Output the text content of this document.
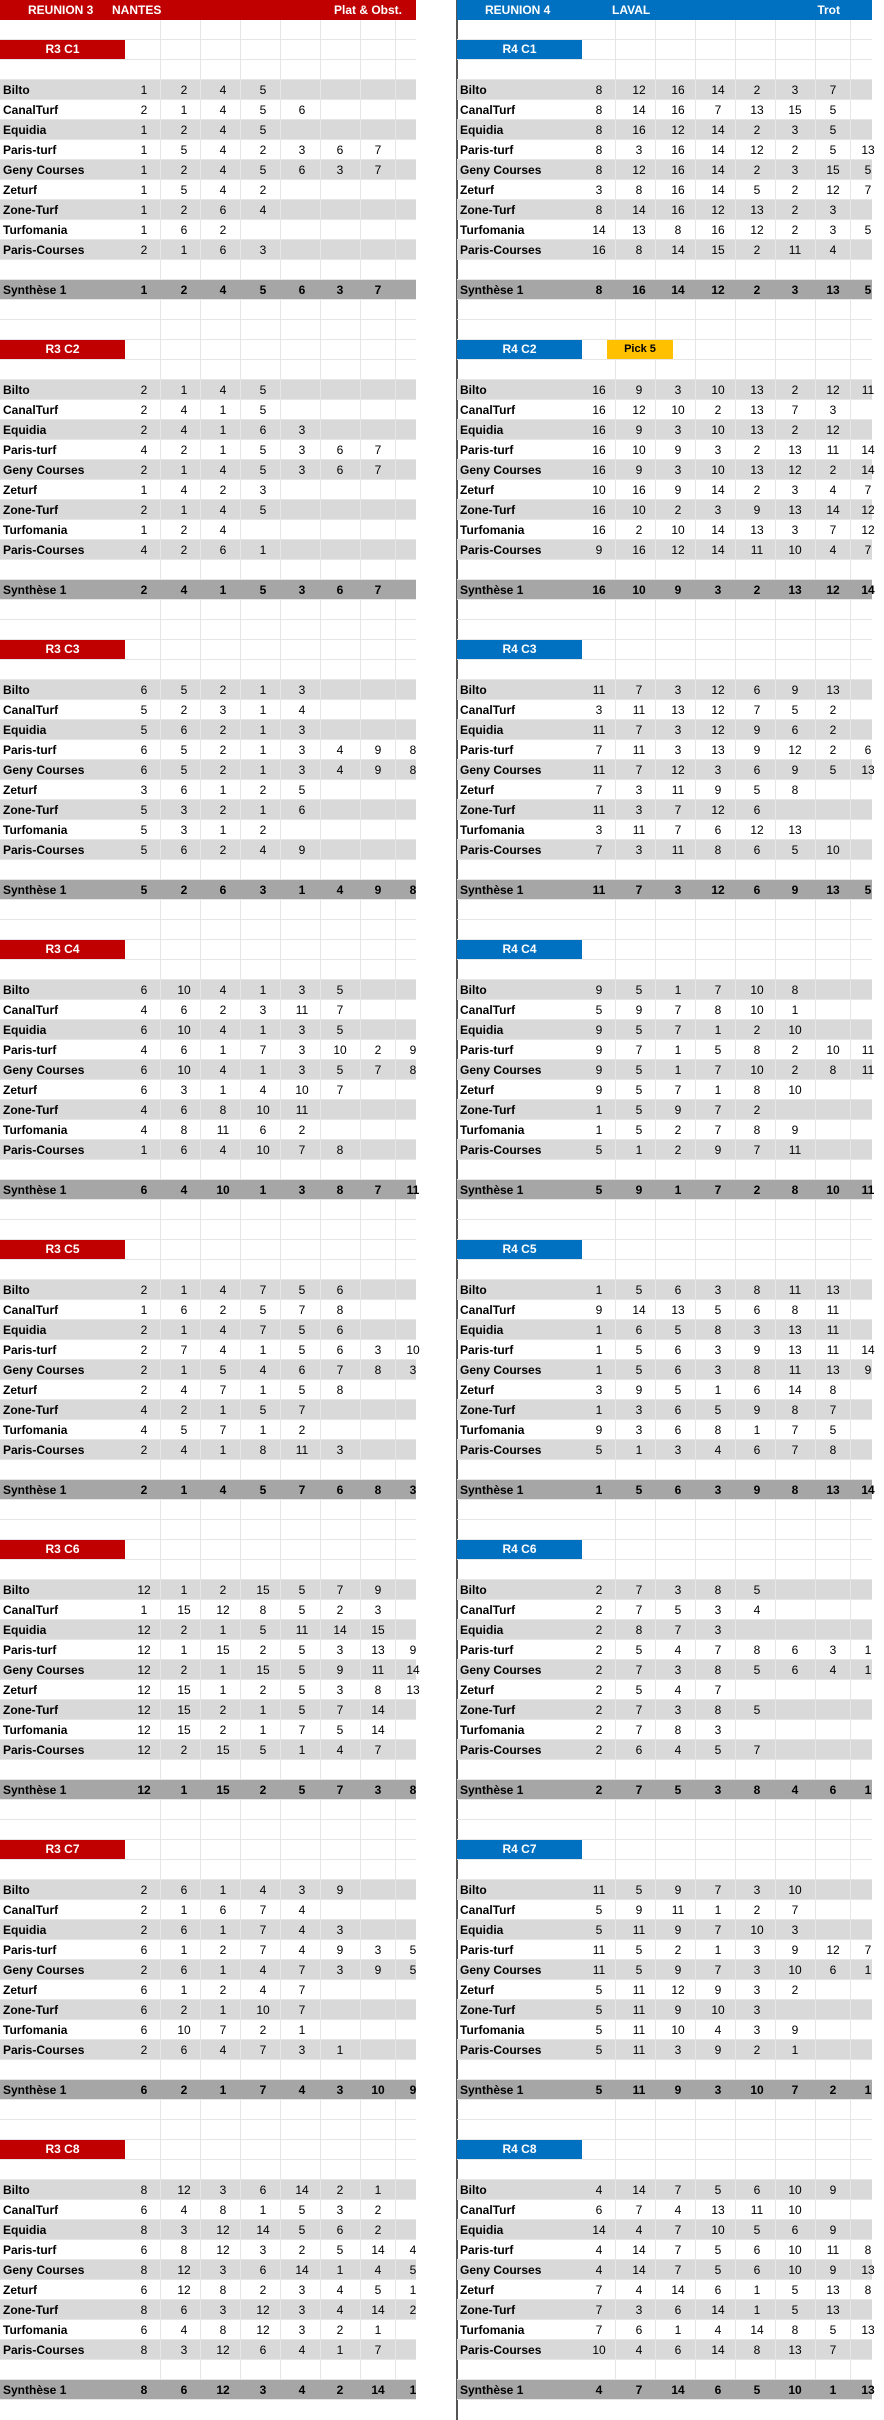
REUNION 3 NANTES	Plat & Obst.
R3 C1
Bilto	1	2	4	5
CanalTurf	2	1	4	5	6
Equidia	1	2	4	5
Paris-turf	1	5	4	2	3	6	7
Geny Courses	1	2	4	5	6	3	7
Zeturf	1	5	4	2
Zone-Turf	1	2	6	4
Turfomania	1	6	2
Paris-Courses	2	1	6	3
Synthèse 1	1	2	4	5	6	3	7
R3 C2
Bilto	2	1	4	5
CanalTurf	2	4	1	5
Equidia	2	4	1	6	3
Paris-turf	4	2	1	5	3	6	7
Geny Courses	2	1	4	5	3	6	7
Zeturf	1	4	2	3
Zone-Turf	2	1	4	5
Turfomania	1	2	4
Paris-Courses	4	2	6	1
Synthèse 1	2	4	1	5	3	6	7
R3 C3
Bilto	6	5	2	1	3
CanalTurf	5	2	3	1	4
Equidia	5	6	2	1	3
Paris-turf	6	5	2	1	3	4	9	8
Geny Courses	6	5	2	1	3	4	9	8
Zeturf	3	6	1	2	5
Zone-Turf	5	3	2	1	6
Turfomania	5	3	1	2
Paris-Courses	5	6	2	4	9
Synthèse 1	5	2	6	3	1	4	9	8
R3 C4
Bilto	6	10	4	1	3	5
CanalTurf	4	6	2	3	11	7
Equidia	6	10	4	1	3	5
Paris-turf	4	6	1	7	3	10	2	9
Geny Courses	6	10	4	1	3	5	7	8
Zeturf	6	3	1	4	10	7
Zone-Turf	4	6	8	10	11
Turfomania	4	8	11	6	2
Paris-Courses	1	6	4	10	7	8
Synthèse 1	6	4	10	1	3	8	7	11
R3 C5
Bilto	2	1	4	7	5	6
CanalTurf	1	6	2	5	7	8
Equidia	2	1	4	7	5	6
Paris-turf	2	7	4	1	5	6	3	10
Geny Courses	2	1	5	4	6	7	8	3
Zeturf	2	4	7	1	5	8
Zone-Turf	4	2	1	5	7
Turfomania	4	5	7	1	2
Paris-Courses	2	4	1	8	11	3
Synthèse 1	2	1	4	5	7	6	8	3
R3 C6
Bilto	12	1	2	15	5	7	9
CanalTurf	1	15	12	8	5	2	3
Equidia	12	2	1	5	11	14	15
Paris-turf	12	1	15	2	5	3	13	9
Geny Courses	12	2	1	15	5	9	11	14
Zeturf	12	15	1	2	5	3	8	13
Zone-Turf	12	15	2	1	5	7	14
Turfomania	12	15	2	1	7	5	14
Paris-Courses	12	2	15	5	1	4	7
Synthèse 1	12	1	15	2	5	7	3	8
R3 C7
Bilto	2	6	1	4	3	9
CanalTurf	2	1	6	7	4
Equidia	2	6	1	7	4	3
Paris-turf	6	1	2	7	4	9	3	5
Geny Courses	2	6	1	4	7	3	9	5
Zeturf	6	1	2	4	7
Zone-Turf	6	2	1	10	7
Turfomania	6	10	7	2	1
Paris-Courses	2	6	4	7	3	1
Synthèse 1	6	2	1	7	4	3	10	9
R3 C8
Bilto	8	12	3	6	14	2	1
CanalTurf	6	4	8	1	5	3	2
Equidia	8	3	12	14	5	6	2
Paris-turf	6	8	12	3	2	5	14	4
Geny Courses	8	12	3	6	14	1	4	5
Zeturf	6	12	8	2	3	4	5	1
Zone-Turf	8	6	3	12	3	4	14	2
Turfomania	6	4	8	12	3	2	1
Paris-Courses	8	3	12	6	4	1	7
Synthèse 1	8	6	12	3	4	2	14	1
REUNION 4	LAVAL	Trot
R4 C1
Bilto	8	12	16	14	2	3	7
CanalTurf	8	14	16	7	13	15	5
Equidia	8	16	12	14	2	3	5
Paris-turf	8	3	16	14	12	2	5	13
Geny Courses	8	12	16	14	2	3	15	5
Zeturf	3	8	16	14	5	2	12	7
Zone-Turf	8	14	16	12	13	2	3
Turfomania	14	13	8	16	12	2	3	5
Paris-Courses	16	8	14	15	2	11	4
Synthèse 1	8	16	14	12	2	3	13	5
R4 C2	Pick 5
Bilto	16	9	3	10	13	2	12	11
CanalTurf	16	12	10	2	13	7	3
Equidia	16	9	3	10	13	2	12
Paris-turf	16	10	9	3	2	13	11	14
Geny Courses	16	9	3	10	13	12	2	14
Zeturf	10	16	9	14	2	3	4	7
Zone-Turf	16	10	2	3	9	13	14	12
Turfomania	16	2	10	14	13	3	7	12
Paris-Courses	9	16	12	14	11	10	4	7
Synthèse 1	16	10	9	3	2	13	12	14
R4 C3
Bilto	11	7	3	12	6	9	13
CanalTurf	3	11	13	12	7	5	2
Equidia	11	7	3	12	9	6	2
Paris-turf	7	11	3	13	9	12	2	6
Geny Courses	11	7	12	3	6	9	5	13
Zeturf	7	3	11	9	5	8
Zone-Turf	11	3	7	12	6
Turfomania	3	11	7	6	12	13
Paris-Courses	7	3	11	8	6	5	10
Synthèse 1	11	7	3	12	6	9	13	5
R4 C4
Bilto	9	5	1	7	10	8
CanalTurf	5	9	7	8	10	1
Equidia	9	5	7	1	2	10
Paris-turf	9	7	1	5	8	2	10	11
Geny Courses	9	5	1	7	10	2	8	11
Zeturf	9	5	7	1	8	10
Zone-Turf	1	5	9	7	2
Turfomania	1	5	2	7	8	9
Paris-Courses	5	1	2	9	7	11
Synthèse 1	5	9	1	7	2	8	10	11
R4 C5
Bilto	1	5	6	3	8	11	13
CanalTurf	9	14	13	5	6	8	11
Equidia	1	6	5	8	3	13	11
Paris-turf	1	5	6	3	9	13	11	14
Geny Courses	1	5	6	3	8	11	13	9
Zeturf	3	9	5	1	6	14	8
Zone-Turf	1	3	6	5	9	8	7
Turfomania	9	3	6	8	1	7	5
Paris-Courses	5	1	3	4	6	7	8
Synthèse 1	1	5	6	3	9	8	13	14
R4 C6
Bilto	2	7	3	8	5
CanalTurf	2	7	5	3	4
Equidia	2	8	7	3
Paris-turf	2	5	4	7	8	6	3	1
Geny Courses	2	7	3	8	5	6	4	1
Zeturf	2	5	4	7
Zone-Turf	2	7	3	8	5
Turfomania	2	7	8	3
Paris-Courses	2	6	4	5	7
Synthèse 1	2	7	5	3	8	4	6	1
R4 C7
Bilto	11	5	9	7	3	10
CanalTurf	5	9	11	1	2	7
Equidia	5	11	9	7	10	3
Paris-turf	11	5	2	1	3	9	12	7
Geny Courses	11	5	9	7	3	10	6	1
Zeturf	5	11	12	9	3	2
Zone-Turf	5	11	9	10	3
Turfomania	5	11	10	4	3	9
Paris-Courses	5	11	3	9	2	1
Synthèse 1	5	11	9	3	10	7	2	1
R4 C8
Bilto	4	14	7	5	6	10	9
CanalTurf	6	7	4	13	11	10
Equidia	14	4	7	10	5	6	9
Paris-turf	4	14	7	5	6	10	11	8
Geny Courses	4	14	7	5	6	10	9	13
Zeturf	7	4	14	6	1	5	13	8
Zone-Turf	7	3	6	14	1	5	13
Turfomania	7	6	1	4	14	8	5	13
Paris-Courses	10	4	6	14	8	13	7
Synthèse 1	4	7	14	6	5	10	1	13
